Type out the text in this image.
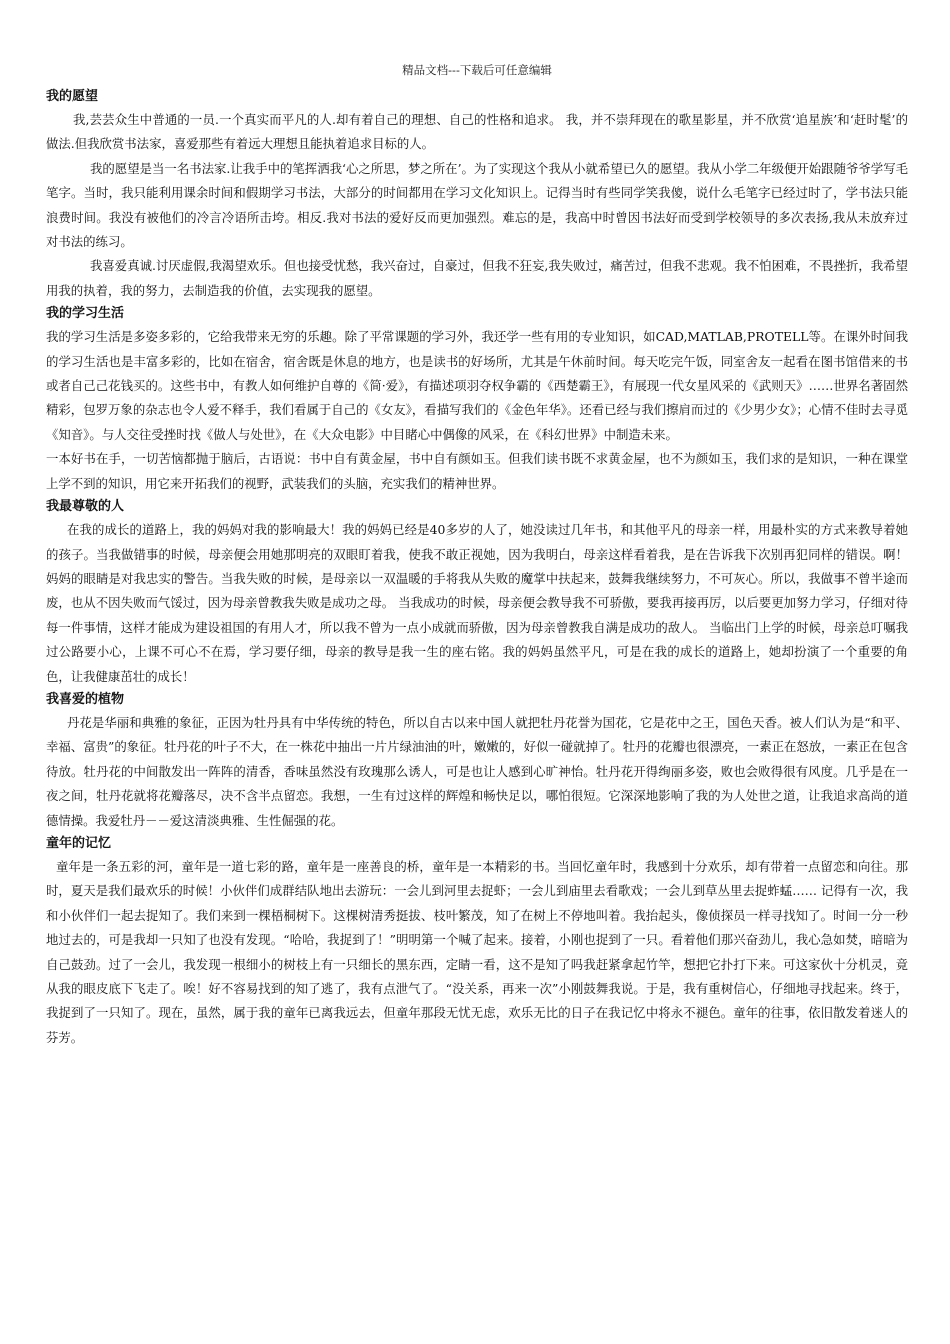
精品文档---下载后可任意编辑
我的愿望

我,芸芸众生中普通的一员.一个真实而平凡的人.却有着自己的理想、自己的性格和追求。 我，并不崇拜现在的歌星影星，并不欣赏‘追星族’和‘赶时髦’的做法.但我欣赏书法家，喜爱那些有着远大理想且能执着追求目标的人。

我的愿望是当一名书法家.让我手中的笔挥洒我‘心之所思，梦之所在’。为了实现这个我从小就希望已久的愿望。我从小学二年级便开始跟随爷爷学写毛笔字。当时，我只能利用课余时间和假期学习书法，大部分的时间都用在学习文化知识上。记得当时有些同学笑我傻，说什么毛笔字已经过时了，学书法只能浪费时间。我没有被他们的冷言冷语所击垮。相反.我对书法的爱好反而更加强烈。难忘的是，我高中时曾因书法好而受到学校领导的多次表扬,我从未放弃过对书法的练习。

我喜爱真诚.讨厌虚假,我渴望欢乐。但也接受忧愁，我兴奋过，自豪过，但我不狂妄,我失败过，痛苦过，但我不悲观。我不怕困难，不畏挫折，我希望用我的执着，我的努力，去制造我的价值，去实现我的愿望。

我的学习生活

我的学习生活是多姿多彩的，它给我带来无穷的乐趣。除了平常课题的学习外，我还学一些有用的专业知识，如CAD,MATLAB,PROTELL等。在课外时间我的学习生活也是丰富多彩的，比如在宿舍，宿舍既是休息的地方，也是读书的好场所，尤其是午休前时间。每天吃完午饭，同室舍友一起看在图书馆借来的书或者自己己花钱买的。这些书中，有教人如何维护自尊的《简·爱》，有描述项羽夺权争霸的《西楚霸王》，有展现一代女星风采的《武则天》……世界名著固然精彩，包罗万象的杂志也令人爱不释手，我们看属于自己的《女友》，看描写我们的《金色年华》。还看已经与我们擦肩而过的《少男少女》；心情不佳时去寻觅《知音》。与人交往受挫时找《做人与处世》，在《大众电影》中目睹心中偶像的风采，在《科幻世界》中制造未来。

一本好书在手，一切苦恼都抛于脑后，古语说：书中自有黄金屋，书中自有颜如玉。但我们读书既不求黄金屋，也不为颜如玉，我们求的是知识，一种在课堂上学不到的知识，用它来开拓我们的视野，武装我们的头脑，充实我们的精神世界。

我最尊敬的人

在我的成长的道路上，我的妈妈对我的影响最大！我的妈妈已经是40多岁的人了，她没读过几年书，和其他平凡的母亲一样，用最朴实的方式来教导着她的孩子。当我做错事的时候，母亲便会用她那明亮的双眼盯着我，使我不敢正视她，因为我明白，母亲这样看着我，是在告诉我下次别再犯同样的错误。啊！妈妈的眼睛是对我忠实的警告。当我失败的时候，是母亲以一双温暖的手将我从失败的魔掌中扶起来，鼓舞我继续努力，不可灰心。所以，我做事不曾半途而废，也从不因失败而气馁过，因为母亲曾教我失败是成功之母。 当我成功的时候，母亲便会教导我不可骄傲，要我再接再厉，以后要更加努力学习，仔细对待每一件事情，这样才能成为建设祖国的有用人才，所以我不曾为一点小成就而骄傲，因为母亲曾教我自满是成功的敌人。 当临出门上学的时候，母亲总叮嘱我过公路要小心，上课不可心不在焉，学习要仔细，母亲的教导是我一生的座右铭。我的妈妈虽然平凡，可是在我的成长的道路上，她却扮演了一个重要的角色，让我健康茁壮的成长！

我喜爱的植物

丹花是华丽和典雅的象征，正因为牡丹具有中华传统的特色，所以自古以来中国人就把牡丹花誉为国花，它是花中之王，国色天香。被人们认为是“和平、幸福、富贵”的象征。牡丹花的叶子不大，在一株花中抽出一片片绿油油的叶，嫩嫩的，好似一碰就掉了。牡丹的花瓣也很漂亮，一素正在怒放，一素正在包含待放。牡丹花的中间散发出一阵阵的清香，香味虽然没有玫瑰那么诱人，可是也让人感到心旷神怡。牡丹花开得绚丽多姿，败也会败得很有风度。几乎是在一夜之间，牡丹花就将花瓣落尽，决不含半点留恋。我想，一生有过这样的辉煌和畅快足以，哪怕很短。它深深地影响了我的为人处世之道，让我追求高尚的道德情操。我爱牡丹－－爱这清淡典雅、生性倔强的花。

童年的记忆

童年是一条五彩的河，童年是一道七彩的路，童年是一座善良的桥，童年是一本精彩的书。当回忆童年时，我感到十分欢乐，却有带着一点留恋和向往。那时，夏天是我们最欢乐的时候！小伙伴们成群结队地出去游玩：一会儿到河里去捉虾；一会儿到庙里去看歌戏；一会儿到草丛里去捉蚱蜢…… 记得有一次，我和小伙伴们一起去捉知了。我们来到一棵梧桐树下。这棵树清秀挺拔、枝叶繁茂，知了在树上不停地叫着。我抬起头，像侦探员一样寻找知了。时间一分一秒地过去的，可是我却一只知了也没有发现。“哈哈，我捉到了！”明明第一个喊了起来。接着，小刚也捉到了一只。看着他们那兴奋劲儿，我心急如焚，暗暗为自己鼓劲。过了一会儿，我发现一根细小的树枝上有一只细长的黑东西，定睛一看，这不是知了吗我赶紧拿起竹竿，想把它扑打下来。可这家伙十分机灵，竟从我的眼皮底下飞走了。唉！好不容易找到的知了逃了，我有点泄气了。“没关系，再来一次”小刚鼓舞我说。于是，我有重树信心，仔细地寻找起来。终于，我捉到了一只知了。现在，虽然，属于我的童年已离我远去，但童年那段无忧无虑，欢乐无比的日子在我记忆中将永不褪色。童年的往事，依旧散发着迷人的芬芳。
